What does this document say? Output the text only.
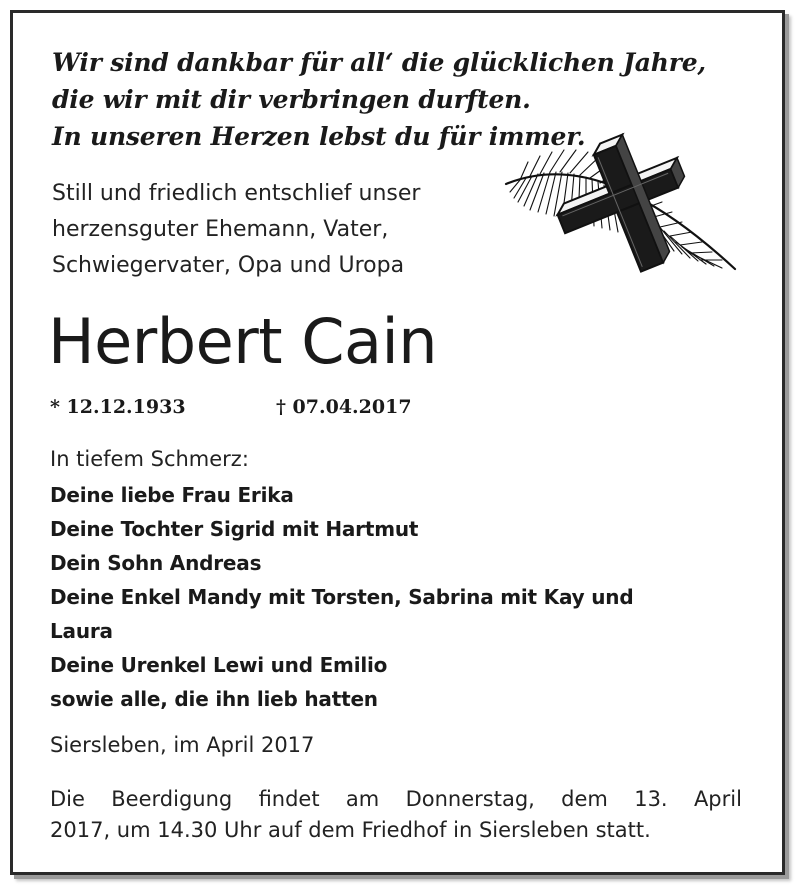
Wir sind dankbar für all‘ die glücklichen Jahre,
die wir mit dir verbringen durften.
In unseren Herzen lebst du für immer.
Still und friedlich entschlief unser
herzensguter Ehemann, Vater,
Schwiegervater, Opa und Uropa
Herbert Cain
* 12.12.1933	† 07.04.2017
In tiefem Schmerz:
Deine liebe Frau Erika
Deine Tochter Sigrid mit Hartmut
Dein Sohn Andreas
Deine Enkel Mandy mit Torsten, Sabrina mit Kay und
Laura
Deine Urenkel Lewi und Emilio
sowie alle, die ihn lieb hatten
Siersleben, im April 2017
Die Beerdigung findet am Donnerstag, dem 13. April
2017, um 14.30 Uhr auf dem Friedhof in Siersleben statt.
